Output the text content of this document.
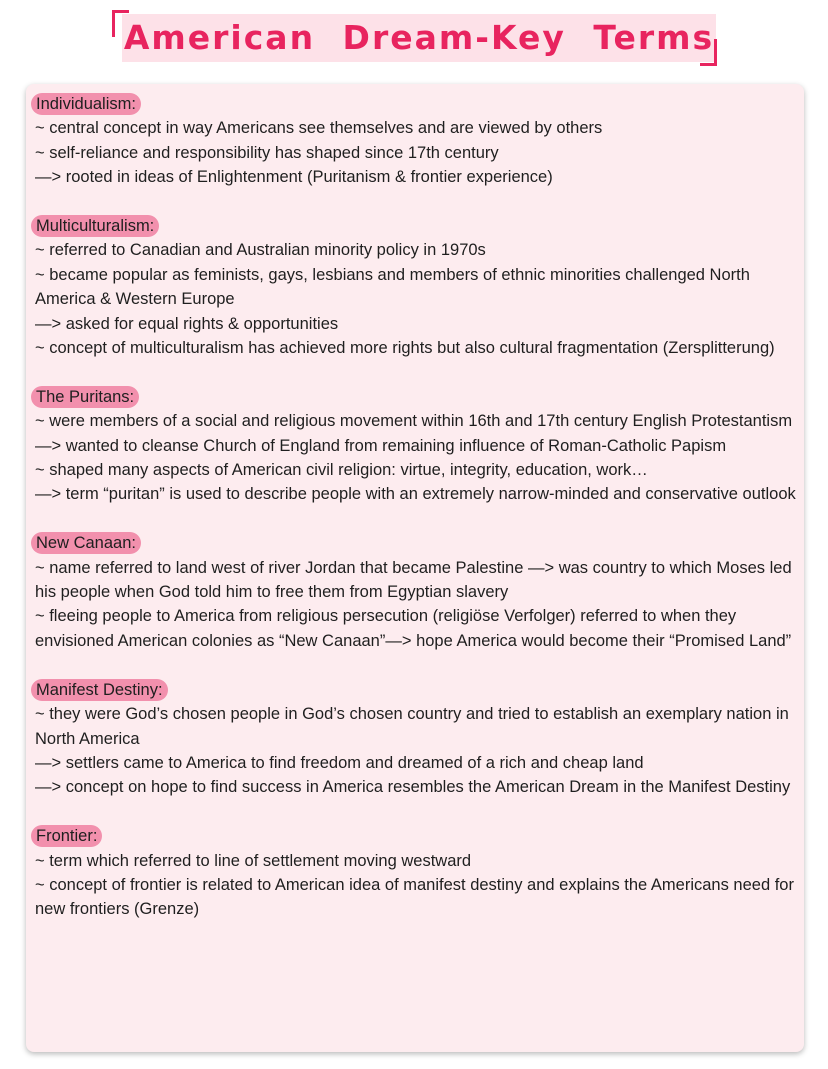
American Dream-Key Terms
Individualism:
~ central concept in way Americans see themselves and are viewed by others
~ self-reliance and responsibility has shaped since 17th century
—> rooted in ideas of Enlightenment (Puritanism & frontier experience)
Multiculturalism:
~ referred to Canadian and Australian minority policy in 1970s
~ became popular as feminists, gays, lesbians and members of ethnic minorities challenged North America & Western Europe
—> asked for equal rights & opportunities
~ concept of multiculturalism has achieved more rights but also cultural fragmentation (Zersplitterung)
The Puritans:
~ were members of a social and religious movement within 16th and 17th century English Protestantism
—> wanted to cleanse Church of England from remaining influence of Roman-Catholic Papism
~ shaped many aspects of American civil religion: virtue, integrity, education, work…
—> term “puritan” is used to describe people with an extremely narrow-minded and conservative outlook
New Canaan:
~ name referred to land west of river Jordan that became Palestine —> was country to which Moses led his people when God told him to free them from Egyptian slavery
~ fleeing people to America from religious persecution (religiöse Verfolger) referred to when they envisioned American colonies as “New Canaan”—> hope America would become their “Promised Land”
Manifest Destiny:
~ they were God’s chosen people in God’s chosen country and tried to establish an exemplary nation in North America
—> settlers came to America to find freedom and dreamed of a rich and cheap land
—> concept on hope to find success in America resembles the American Dream in the Manifest Destiny
Frontier:
~ term which referred to line of settlement moving westward
~ concept of frontier is related to American idea of manifest destiny and explains the Americans need for new frontiers (Grenze)
